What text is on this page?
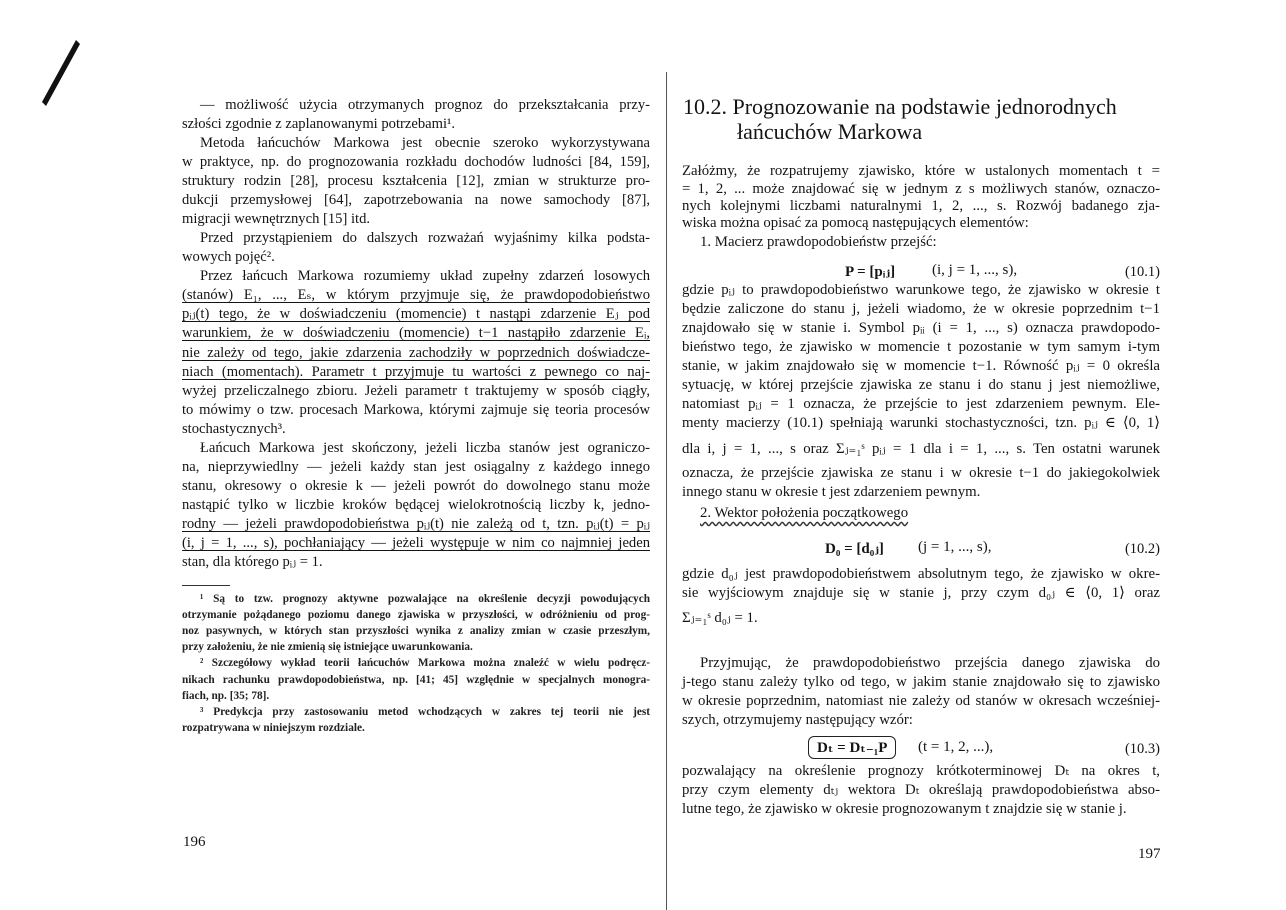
— możliwość użycia otrzymanych prognoz do przekształcania przy-
szłości zgodnie z zaplanowanymi potrzebami¹.
Metoda łańcuchów Markowa jest obecnie szeroko wykorzystywana
w praktyce, np. do prognozowania rozkładu dochodów ludności [84, 159],
struktury rodzin [28], procesu kształcenia [12], zmian w strukturze pro-
dukcji przemysłowej [64], zapotrzebowania na nowe samochody [87],
migracji wewnętrznych [15] itd.
Przed przystąpieniem do dalszych rozważań wyjaśnimy kilka podsta-
wowych pojęć².
Przez łańcuch Markowa rozumiemy układ zupełny zdarzeń losowych
(stanów) E₁, ..., Eₛ, w którym przyjmuje się, że prawdopodobieństwo
pᵢⱼ(t) tego, że w doświadczeniu (momencie) t nastąpi zdarzenie Eⱼ pod
warunkiem, że w doświadczeniu (momencie) t−1 nastąpiło zdarzenie Eᵢ,
nie zależy od tego, jakie zdarzenia zachodziły w poprzednich doświadcze-
niach (momentach). Parametr t przyjmuje tu wartości z pewnego co naj-
wyżej przeliczalnego zbioru. Jeżeli parametr t traktujemy w sposób ciągły,
to mówimy o tzw. procesach Markowa, którymi zajmuje się teoria procesów
stochastycznych³.
Łańcuch Markowa jest skończony, jeżeli liczba stanów jest ograniczo-
na, nieprzywiedlny — jeżeli każdy stan jest osiągalny z każdego innego
stanu, okresowy o okresie k — jeżeli powrót do dowolnego stanu może
nastąpić tylko w liczbie kroków będącej wielokrotnością liczby k, jedno-
rodny — jeżeli prawdopodobieństwa pᵢⱼ(t) nie zależą od t, tzn. pᵢⱼ(t) = pᵢⱼ
(i, j = 1, ..., s), pochłaniający — jeżeli występuje w nim co najmniej jeden
stan, dla którego pᵢⱼ = 1.
¹ Są to tzw. prognozy aktywne pozwalające na określenie decyzji powodujących
otrzymanie pożądanego poziomu danego zjawiska w przyszłości, w odróżnieniu od prog-
noz pasywnych, w których stan przyszłości wynika z analizy zmian w czasie przeszłym,
przy założeniu, że nie zmienią się istniejące uwarunkowania.
² Szczegółowy wykład teorii łańcuchów Markowa można znaleźć w wielu podręcz-
nikach rachunku prawdopodobieństwa, np. [41; 45] względnie w specjalnych monogra-
fiach, np. [35; 78].
³ Predykcja przy zastosowaniu metod wchodzących w zakres tej teorii nie jest
rozpatrywana w niniejszym rozdziale.
196
10.2. Prognozowanie na podstawie jednorodnych
łańcuchów Markowa
Załóżmy, że rozpatrujemy zjawisko, które w ustalonych momentach t =
= 1, 2, ... może znajdować się w jednym z s możliwych stanów, oznaczo-
nych kolejnymi liczbami naturalnymi 1, 2, ..., s. Rozwój badanego zja-
wiska można opisać za pomocą następujących elementów:
1. Macierz prawdopodobieństw przejść:
gdzie pᵢⱼ to prawdopodobieństwo warunkowe tego, że zjawisko w okresie t
będzie zaliczone do stanu j, jeżeli wiadomo, że w okresie poprzednim t−1
znajdowało się w stanie i. Symbol pᵢᵢ (i = 1, ..., s) oznacza prawdopodo-
bieństwo tego, że zjawisko w momencie t pozostanie w tym samym i-tym
stanie, w jakim znajdowało się w momencie t−1. Równość pᵢⱼ = 0 określa
sytuację, w której przejście zjawiska ze stanu i do stanu j jest niemożliwe,
natomiast pᵢⱼ = 1 oznacza, że przejście to jest zdarzeniem pewnym. Ele-
menty macierzy (10.1) spełniają warunki stochastyczności, tzn. pᵢⱼ ∈ ⟨0, 1⟩
dla i, j = 1, ..., s oraz Σⱼ₌₁ˢ pᵢⱼ = 1 dla i = 1, ..., s. Ten ostatni warunek
oznacza, że przejście zjawiska ze stanu i w okresie t−1 do jakiegokolwiek
innego stanu w okresie t jest zdarzeniem pewnym.
2. Wektor położenia początkowego
gdzie d₀ⱼ jest prawdopodobieństwem absolutnym tego, że zjawisko w okre-
sie wyjściowym znajduje się w stanie j, przy czym d₀ⱼ ∈ ⟨0, 1⟩ oraz
Σⱼ₌₁ˢ d₀ⱼ = 1.
Przyjmując, że prawdopodobieństwo przejścia danego zjawiska do
j-tego stanu zależy tylko od tego, w jakim stanie znajdowało się to zjawisko
w okresie poprzednim, natomiast nie zależy od stanów w okresach wcześniej-
szych, otrzymujemy następujący wzór:
pozwalający na określenie prognozy krótkoterminowej Dₜ na okres t,
przy czym elementy dₜⱼ wektora Dₜ określają prawdopodobieństwa abso-
lutne tego, że zjawisko w okresie prognozowanym t znajdzie się w stanie j.
P = [pᵢⱼ] (i, j = 1, ..., s),	(10.1)
D₀ = [d₀ⱼ] (j = 1, ..., s),	(10.2)
Dₜ = Dₜ₋₁P	(t = 1, 2, ...),	(10.3)
197
